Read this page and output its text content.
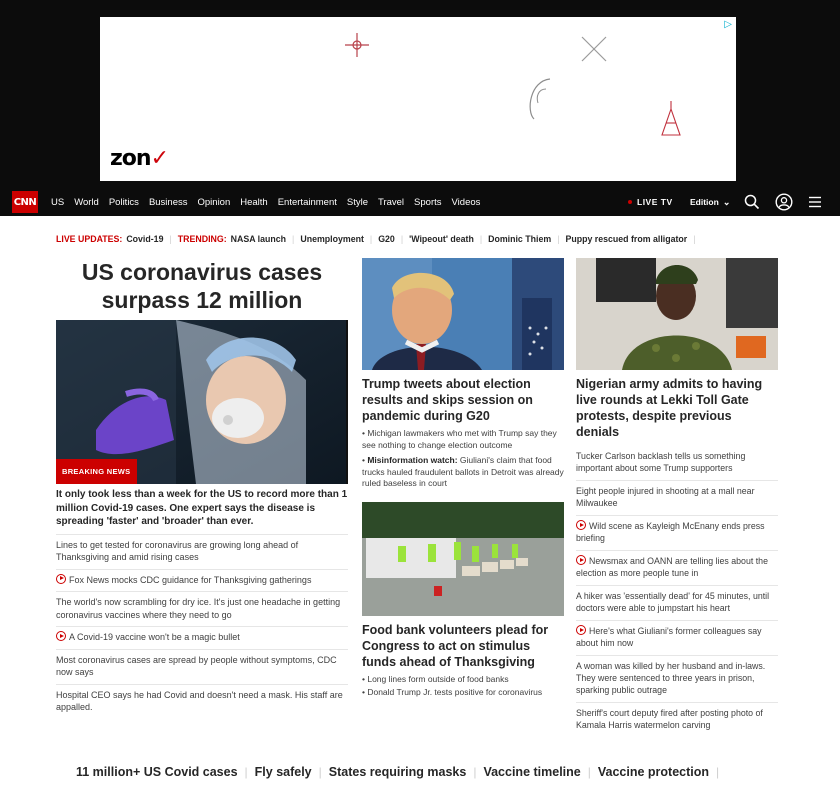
▷
zon✓
CNN	US	World	Politics	Business	Opinion	Health	Entertainment	Style	Travel	Sports	Videos	LIVE TV Edition ⌄
LIVE UPDATES: Covid-19 | TRENDING: NASA launch | Unemployment | G20 | 'Wipeout' death | Dominic Thiem | Puppy rescued from alligator |
US coronavirus cases surpass 12 million
BREAKING NEWS
It only took less than a week for the US to record more than 1 million Covid-19 cases. One expert says the disease is spreading 'faster' and 'broader' than ever.
Lines to get tested for coronavirus are growing long ahead of Thanksgiving and amid rising cases
Fox News mocks CDC guidance for Thanksgiving gatherings
The world's now scrambling for dry ice. It's just one headache in getting coronavirus vaccines where they need to go
A Covid-19 vaccine won't be a magic bullet
Most coronavirus cases are spread by people without symptoms, CDC now says
Hospital CEO says he had Covid and doesn't need a mask. His staff are appalled.
Trump tweets about election results and skips session on pandemic during G20
• Michigan lawmakers who met with Trump say they see nothing to change election outcome
• Misinformation watch: Giuliani's claim that food trucks hauled fraudulent ballots in Detroit was already ruled baseless in court
Food bank volunteers plead for Congress to act on stimulus funds ahead of Thanksgiving
• Long lines form outside of food banks
• Donald Trump Jr. tests positive for coronavirus
Nigerian army admits to having live rounds at Lekki Toll Gate protests, despite previous denials
Tucker Carlson backlash tells us something important about some Trump supporters
Eight people injured in shooting at a mall near Milwaukee
Wild scene as Kayleigh McEnany ends press briefing
Newsmax and OANN are telling lies about the election as more people tune in
A hiker was 'essentially dead' for 45 minutes, until doctors were able to jumpstart his heart
Here's what Giuliani's former colleagues say about him now
A woman was killed by her husband and in-laws. They were sentenced to three years in prison, sparking public outrage
Sheriff's court deputy fired after posting photo of Kamala Harris watermelon carving
11 million+ US Covid cases | Fly safely | States requiring masks | Vaccine timeline | Vaccine protection |
